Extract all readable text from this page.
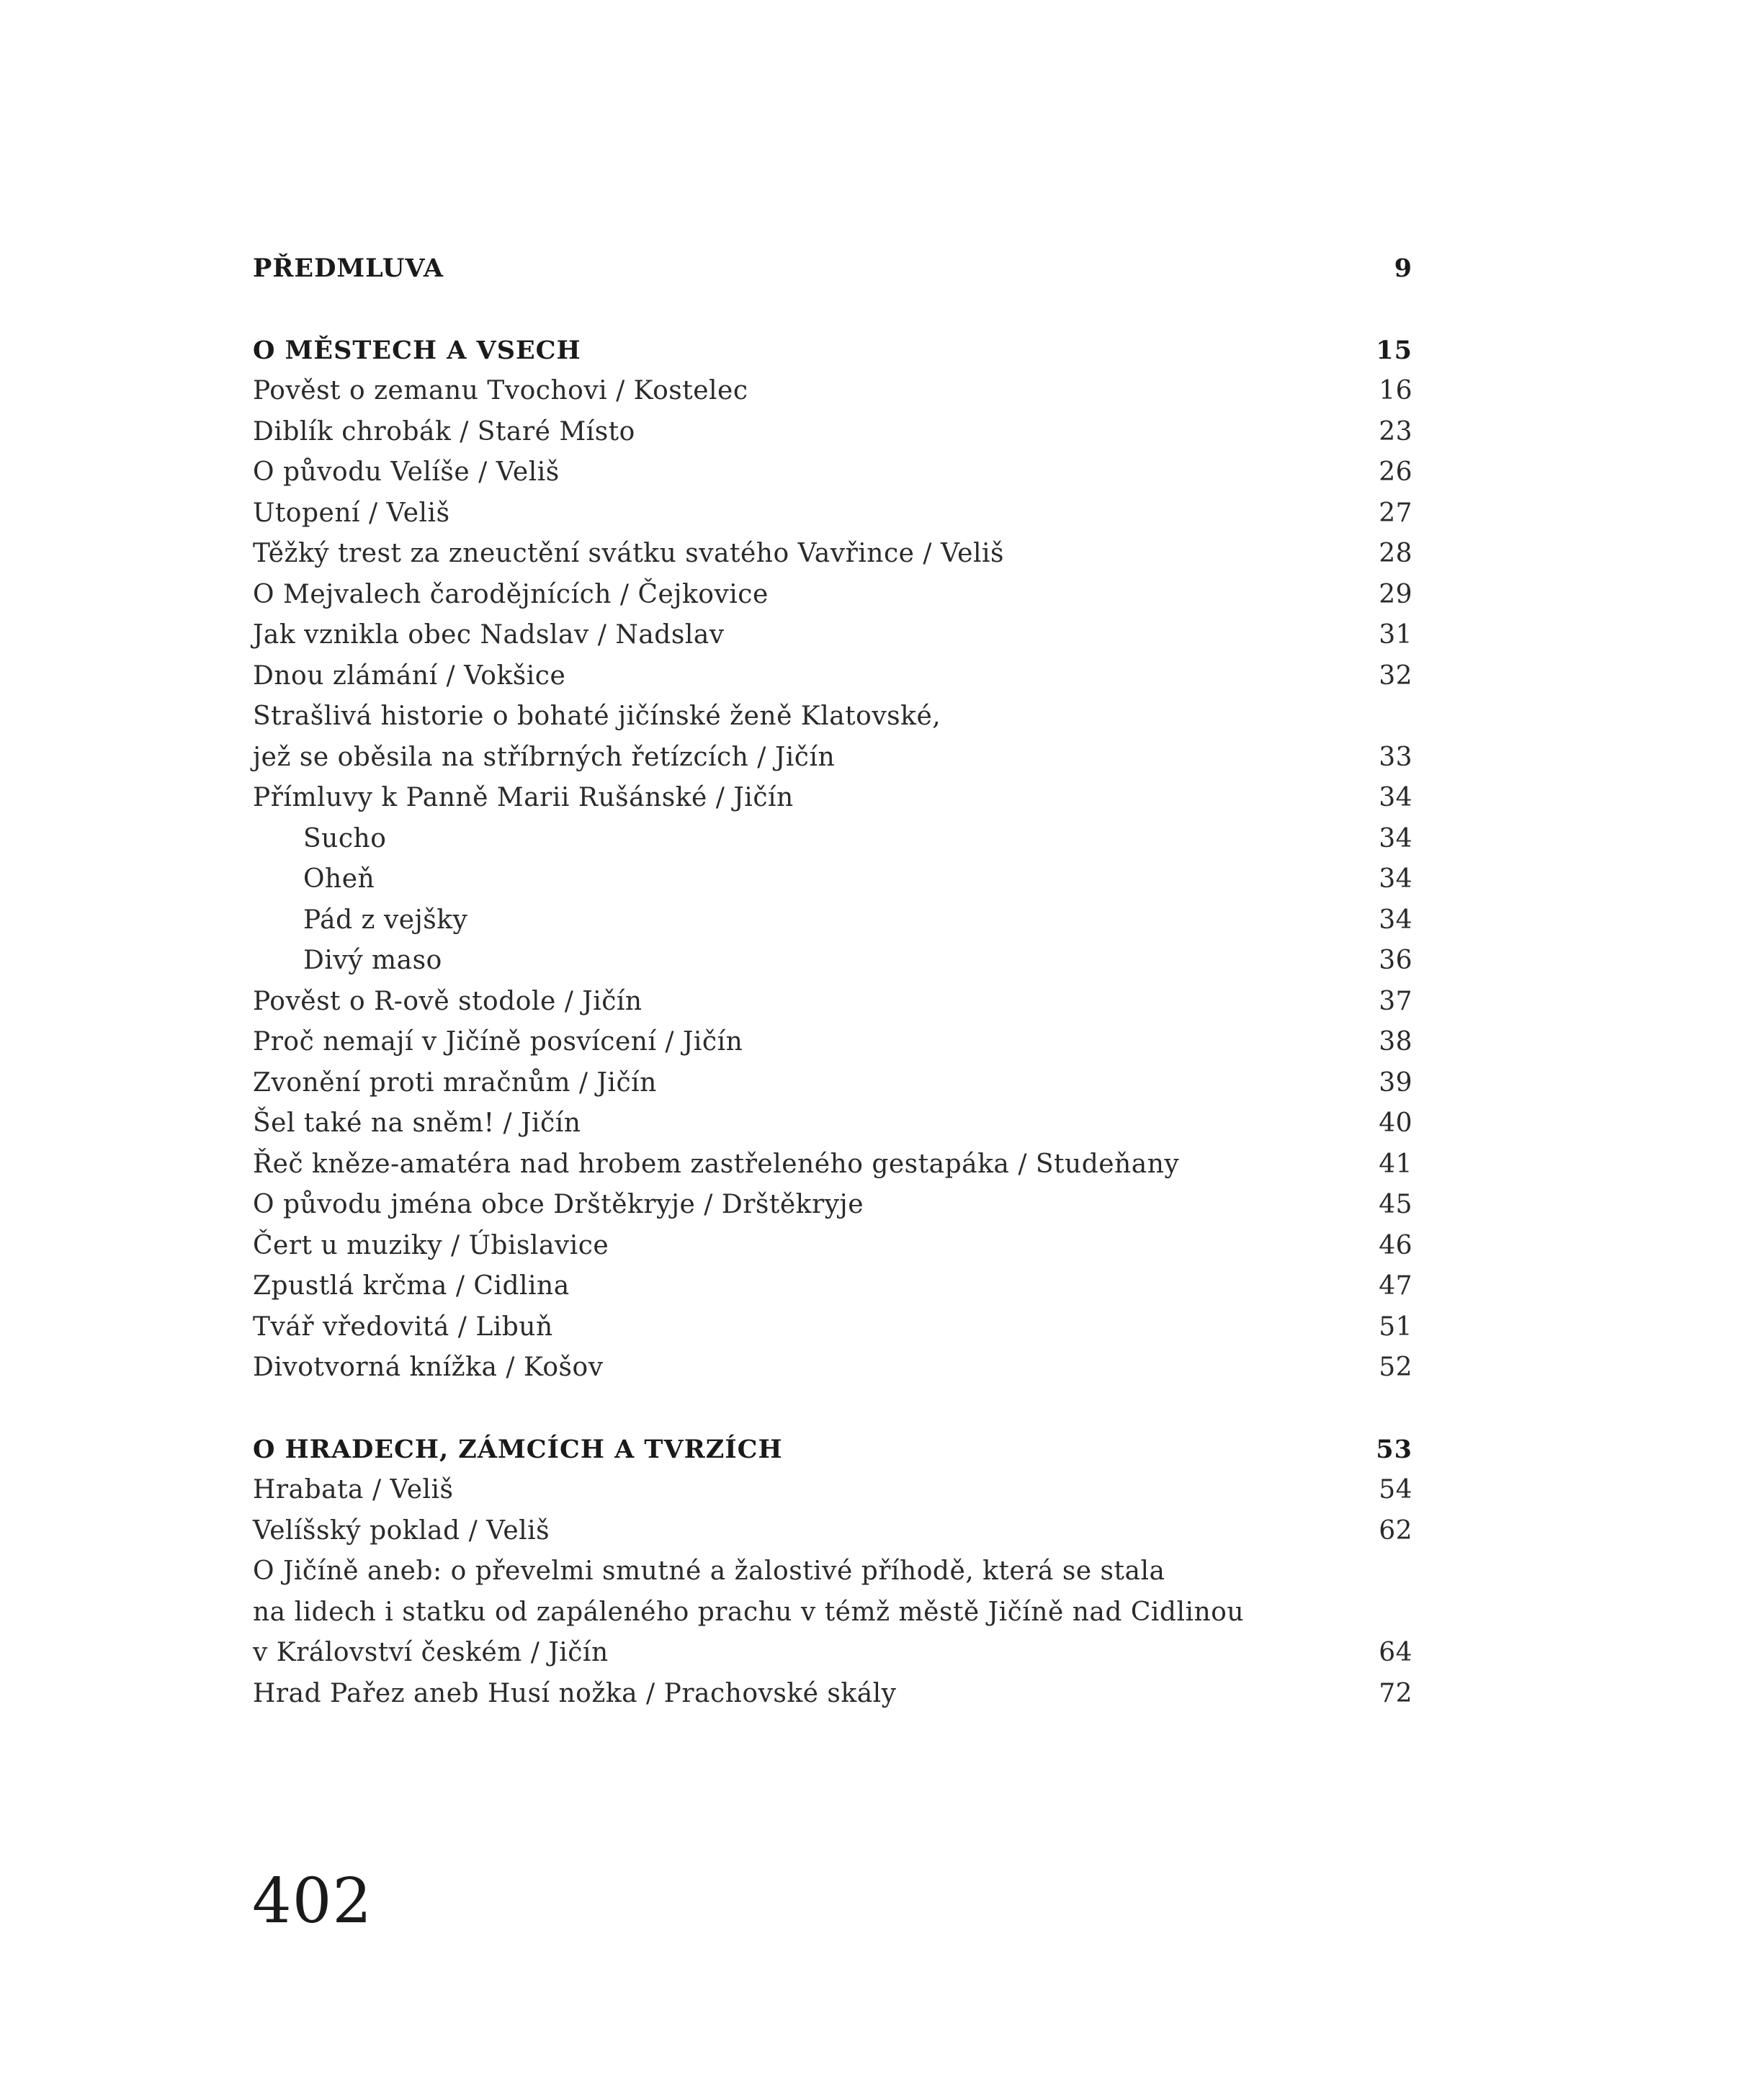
PŘEDMLUVA	9
O MĚSTECH A VSECH	15
Pověst o zemanu Tvochovi / Kostelec	16
Diblík chrobák / Staré Místo	23
O původu Velíše / Veliš	26
Utopení / Veliš	27
Těžký trest za zneuctění svátku svatého Vavřince / Veliš	28
O Mejvalech čarodějnících / Čejkovice	29
Jak vznikla obec Nadslav / Nadslav	31
Dnou zlámání / Vokšice	32
Strašlivá historie o bohaté jičínské ženě Klatovské,
jež se oběsila na stříbrných řetízcích / Jičín	33
Přímluvy k Panně Marii Rušánské / Jičín	34
Sucho	34
Oheň	34
Pád z vejšky	34
Divý maso	36
Pověst o R-ově stodole / Jičín	37
Proč nemají v Jičíně posvícení / Jičín	38
Zvonění proti mračnům / Jičín	39
Šel také na sněm! / Jičín	40
Řeč kněze-amatéra nad hrobem zastřeleného gestapáka / Studeňany	41
O původu jména obce Drštěkryje / Drštěkryje	45
Čert u muziky / Úbislavice	46
Zpustlá krčma / Cidlina	47
Tvář vředovitá / Libuň	51
Divotvorná knížka / Košov	52
O HRADECH, ZÁMCÍCH A TVRZÍCH	53
Hrabata / Veliš	54
Velíšský poklad / Veliš	62
O Jičíně aneb: o převelmi smutné a žalostivé příhodě, která se stala
na lidech i statku od zapáleného prachu v témž městě Jičíně nad Cidlinou
v Království českém / Jičín	64
Hrad Pařez aneb Husí nožka / Prachovské skály	72
402
